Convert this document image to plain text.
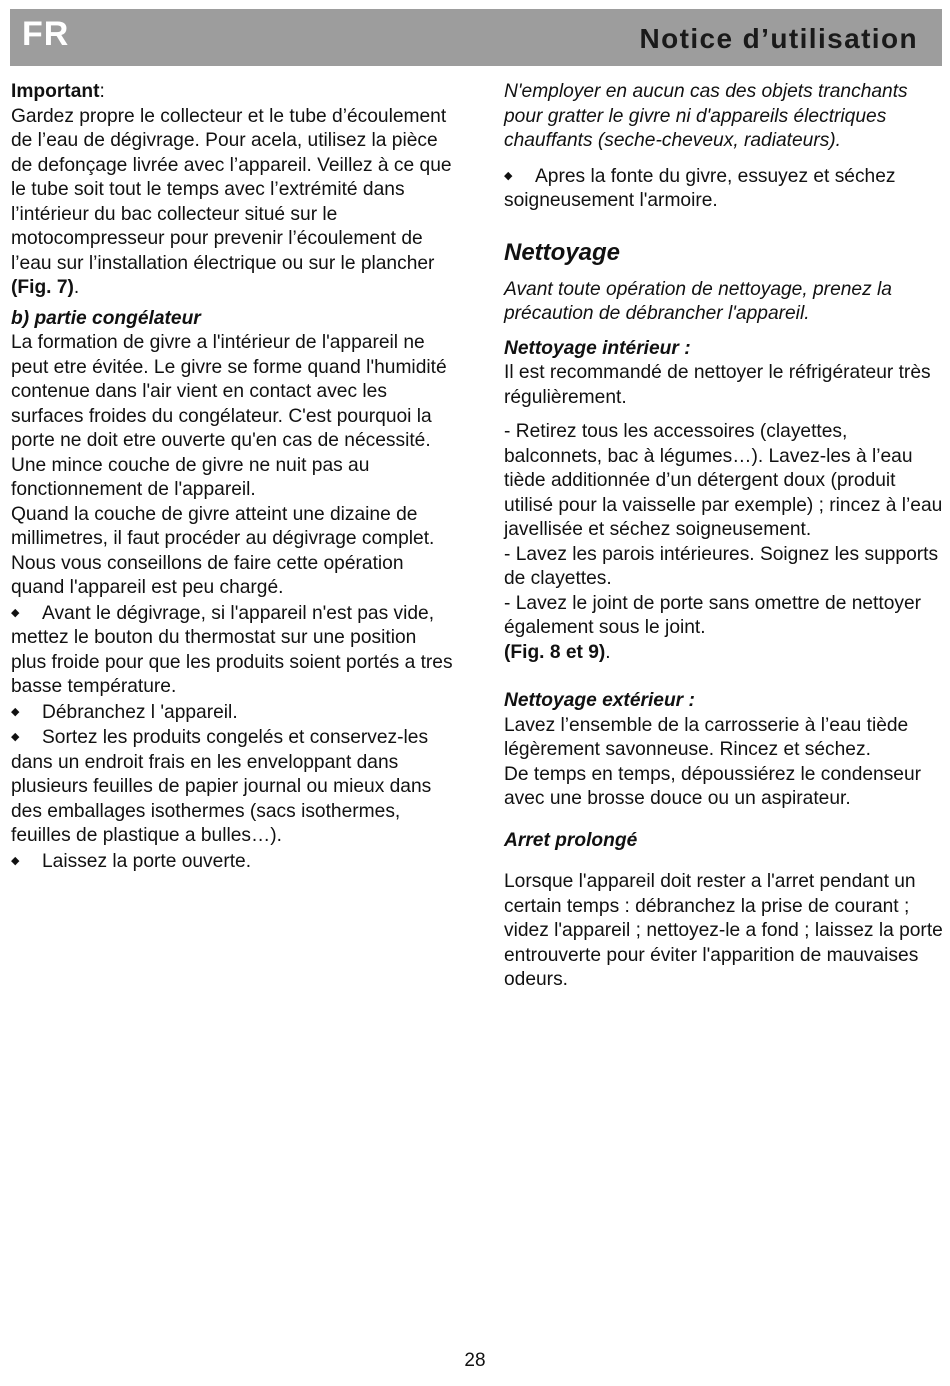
FR	Notice d’utilisation

Important:

Gardez propre le collecteur et le tube d’écoulement de l’eau de dégivrage. Pour acela, utilisez la pièce de defonçage livrée avec l’appareil. Veillez à ce que le tube soit tout le temps avec l’extrémité dans l’intérieur du bac collecteur situé sur le motocompresseur pour prevenir l’écoulement de l’eau sur l’installation électrique ou sur le plancher (Fig. 7).

b) partie congélateur

La formation de givre a l'intérieur de l'appareil ne peut etre évitée. Le givre se forme quand l'humidité contenue dans l'air vient en contact avec les surfaces froides du congélateur. C'est pourquoi la porte ne doit etre ouverte qu'en cas de nécessité. Une mince couche de givre ne nuit pas au fonctionnement de l'appareil.

Quand la couche de givre atteint une dizaine de millimetres, il faut procéder au dégivrage complet. Nous vous conseillons de faire cette opération quand l'appareil est peu chargé.

◆ Avant le dégivrage, si l'appareil n'est pas vide, mettez le bouton du thermostat sur une position plus froide pour que les produits soient portés a tres basse température.

◆ Débranchez l 'appareil.

◆ Sortez les produits congelés et conservez-les dans un endroit frais en les enveloppant dans plusieurs feuilles de papier journal ou mieux dans des emballages isothermes (sacs isothermes, feuilles de plastique a bulles…).

◆ Laissez la porte ouverte.

N'employer en aucun cas des objets tranchants pour gratter le givre ni d'appareils électriques chauffants (seche-cheveux, radiateurs).

◆ Apres la fonte du givre, essuyez et séchez soigneusement l'armoire.

Nettoyage

Avant toute opération de nettoyage, prenez la précaution de débrancher l'appareil.

Nettoyage intérieur :

Il est recommandé de nettoyer le réfrigérateur très régulièrement.

- Retirez tous les accessoires (clayettes, balconnets, bac à légumes…). Lavez-les à l’eau tiède additionnée d’un détergent doux (produit utilisé pour la vaisselle par exemple) ; rincez à l’eau javellisée et séchez soigneusement.

- Lavez les parois intérieures. Soignez les supports de clayettes.

- Lavez le joint de porte sans omettre de nettoyer également sous le joint.

(Fig. 8 et 9).

Nettoyage extérieur :

Lavez l’ensemble de la carrosserie à l’eau tiède légèrement savonneuse. Rincez et séchez.

De temps en temps, dépoussiérez le condenseur avec une brosse douce ou un aspirateur.

Arret prolongé

Lorsque l'appareil doit rester a l'arret pendant un certain temps : débranchez la prise de courant ; videz l'appareil ; nettoyez-le a fond ; laissez la porte entrouverte pour éviter l'apparition de mauvaises odeurs.

28
